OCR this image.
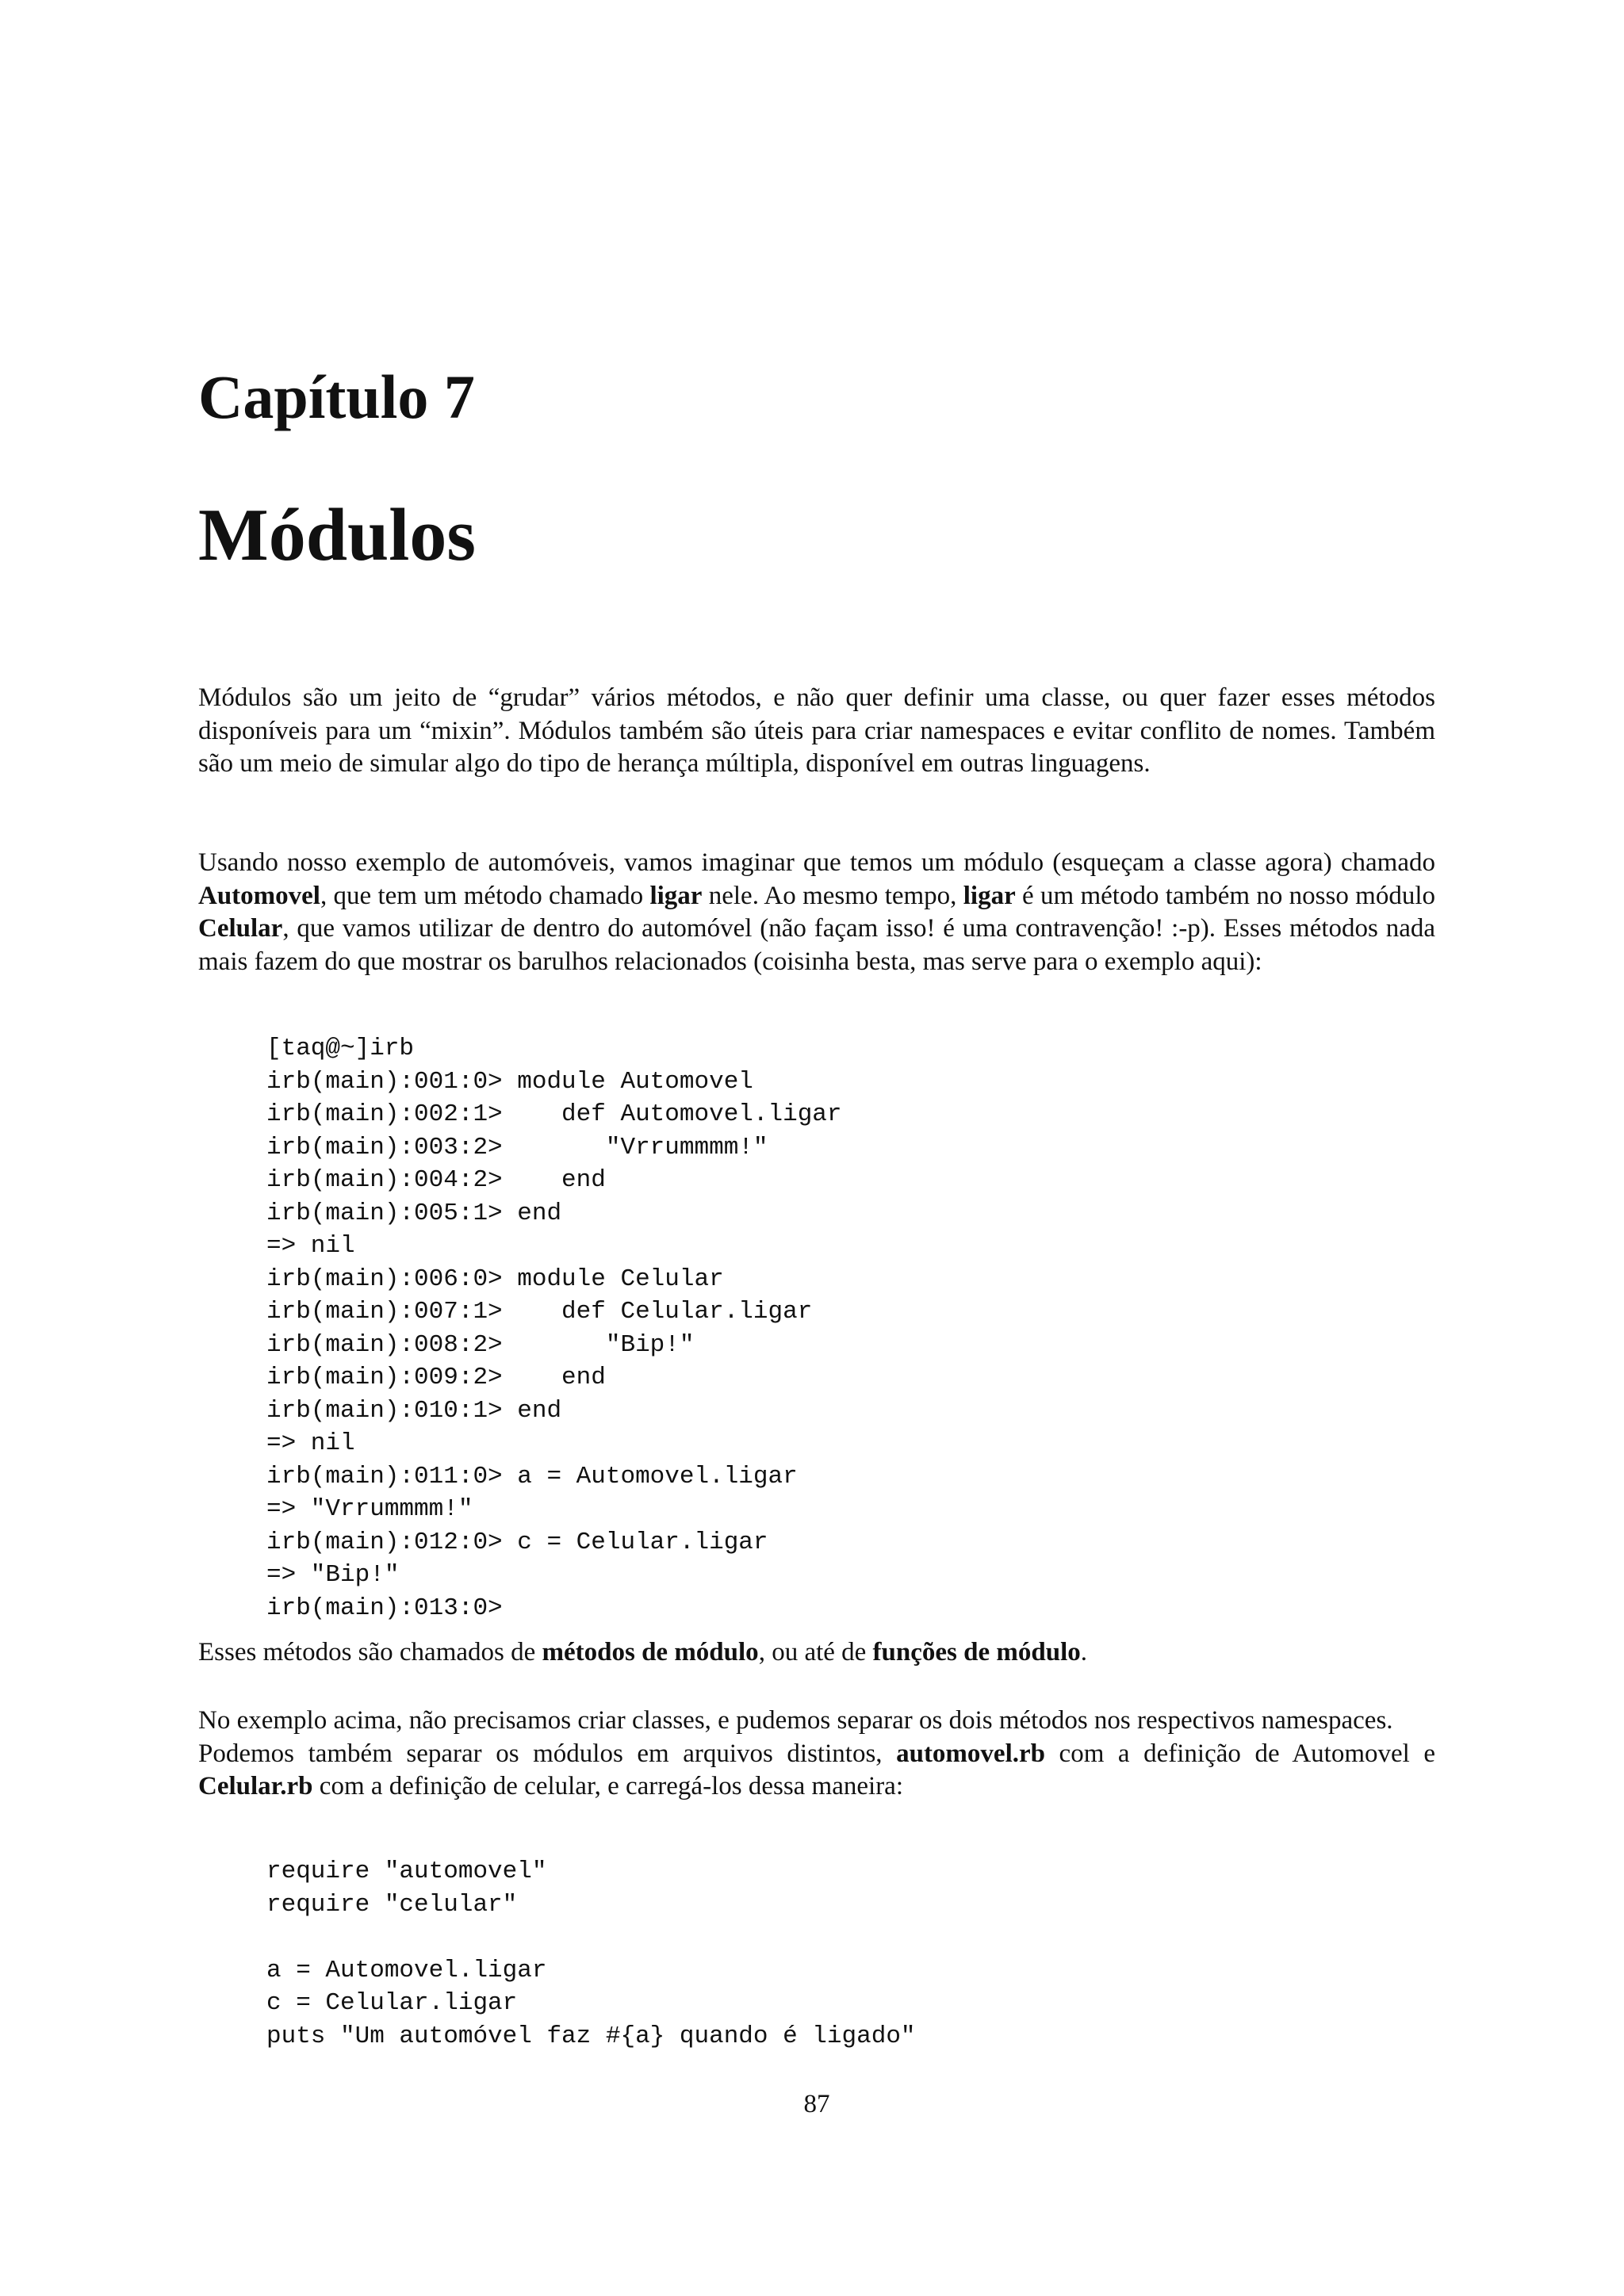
Capítulo 7
Módulos

Módulos são um jeito de “grudar” vários métodos, e não quer definir uma classe, ou quer fazer esses métodos disponíveis para um “mixin”. Módulos também são úteis para criar namespaces e evitar conflito de nomes. Também são um meio de simular algo do tipo de herança múltipla, disponível em outras linguagens.

Usando nosso exemplo de automóveis, vamos imaginar que temos um módulo (esqueçam a classe agora) chamado Automovel, que tem um método chamado ligar nele. Ao mesmo tempo, ligar é um método também no nosso módulo Celular, que vamos utilizar de dentro do automóvel (não façam isso! é uma contravenção! :-p). Esses métodos nada mais fazem do que mostrar os barulhos relacionados (coisinha besta, mas serve para o exemplo aqui):

[taq@~]irb
irb(main):001:0> module Automovel
irb(main):002:1>    def Automovel.ligar
irb(main):003:2>       "Vrrummmm!"
irb(main):004:2>    end
irb(main):005:1> end
=> nil
irb(main):006:0> module Celular
irb(main):007:1>    def Celular.ligar
irb(main):008:2>       "Bip!"
irb(main):009:2>    end
irb(main):010:1> end
=> nil
irb(main):011:0> a = Automovel.ligar
=> "Vrrummmm!"
irb(main):012:0> c = Celular.ligar
=> "Bip!"
irb(main):013:0>

Esses métodos são chamados de métodos de módulo, ou até de funções de módulo.

No exemplo acima, não precisamos criar classes, e pudemos separar os dois métodos nos respectivos namespaces.
Podemos também separar os módulos em arquivos distintos, automovel.rb com a definição de Automovel e Celular.rb com a definição de celular, e carregá-los dessa maneira:

require "automovel"
require "celular"
a = Automovel.ligar
c = Celular.ligar
puts "Um automóvel faz #{a} quando é ligado"
87
